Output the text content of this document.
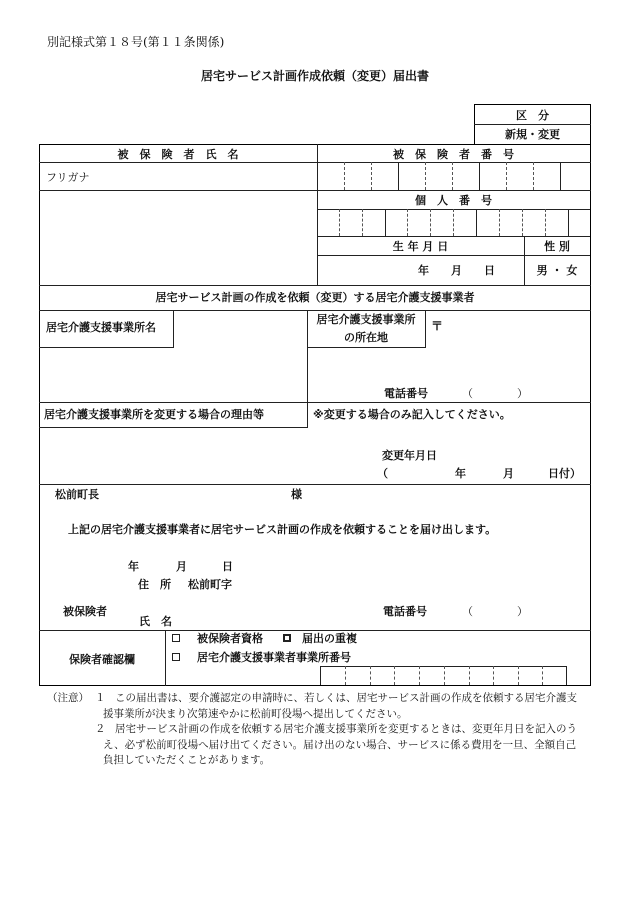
別記様式第１８号(第１１条関係)
居宅サービス計画作成依頼（変更）届出書
区　分
新規・変更
被　保　険　者　氏　名	被　保　険　者　番　号
フリガナ
個　人　番　号
生 年 月 日	性 別
年　　月　　日	男 ・ 女
居宅サービス計画の作成を依頼（変更）する居宅介護支援事業者
居宅介護支援事業所名
居宅介護支援事業所
の所在地
〒
電話番号	（　　　　）
居宅介護支援事業所を変更する場合の理由等	※変更する場合のみ記入してください。
変更年月日
（	年	月	日付）
松前町長	様
上記の居宅介護支援事業者に居宅サービス計画の作成を依頼することを届け出します。
年	月	日
住　所 松前町字
被保険者
氏　名
電話番号	（　　　　）
保険者確認欄
被保険者資格	届出の重複
居宅介護支援事業者事業所番号
（注意） １ この届出書は、要介護認定の申請時に、若しくは、居宅サービス計画の作成を依頼する居宅介護支
援事業所が決まり次第速やかに松前町役場へ提出してください。
２ 居宅サービス計画の作成を依頼する居宅介護支援事業所を変更するときは、変更年月日を記入のう
え、必ず松前町役場へ届け出てください。届け出のない場合、サービスに係る費用を一旦、全額自己
負担していただくことがあります。
